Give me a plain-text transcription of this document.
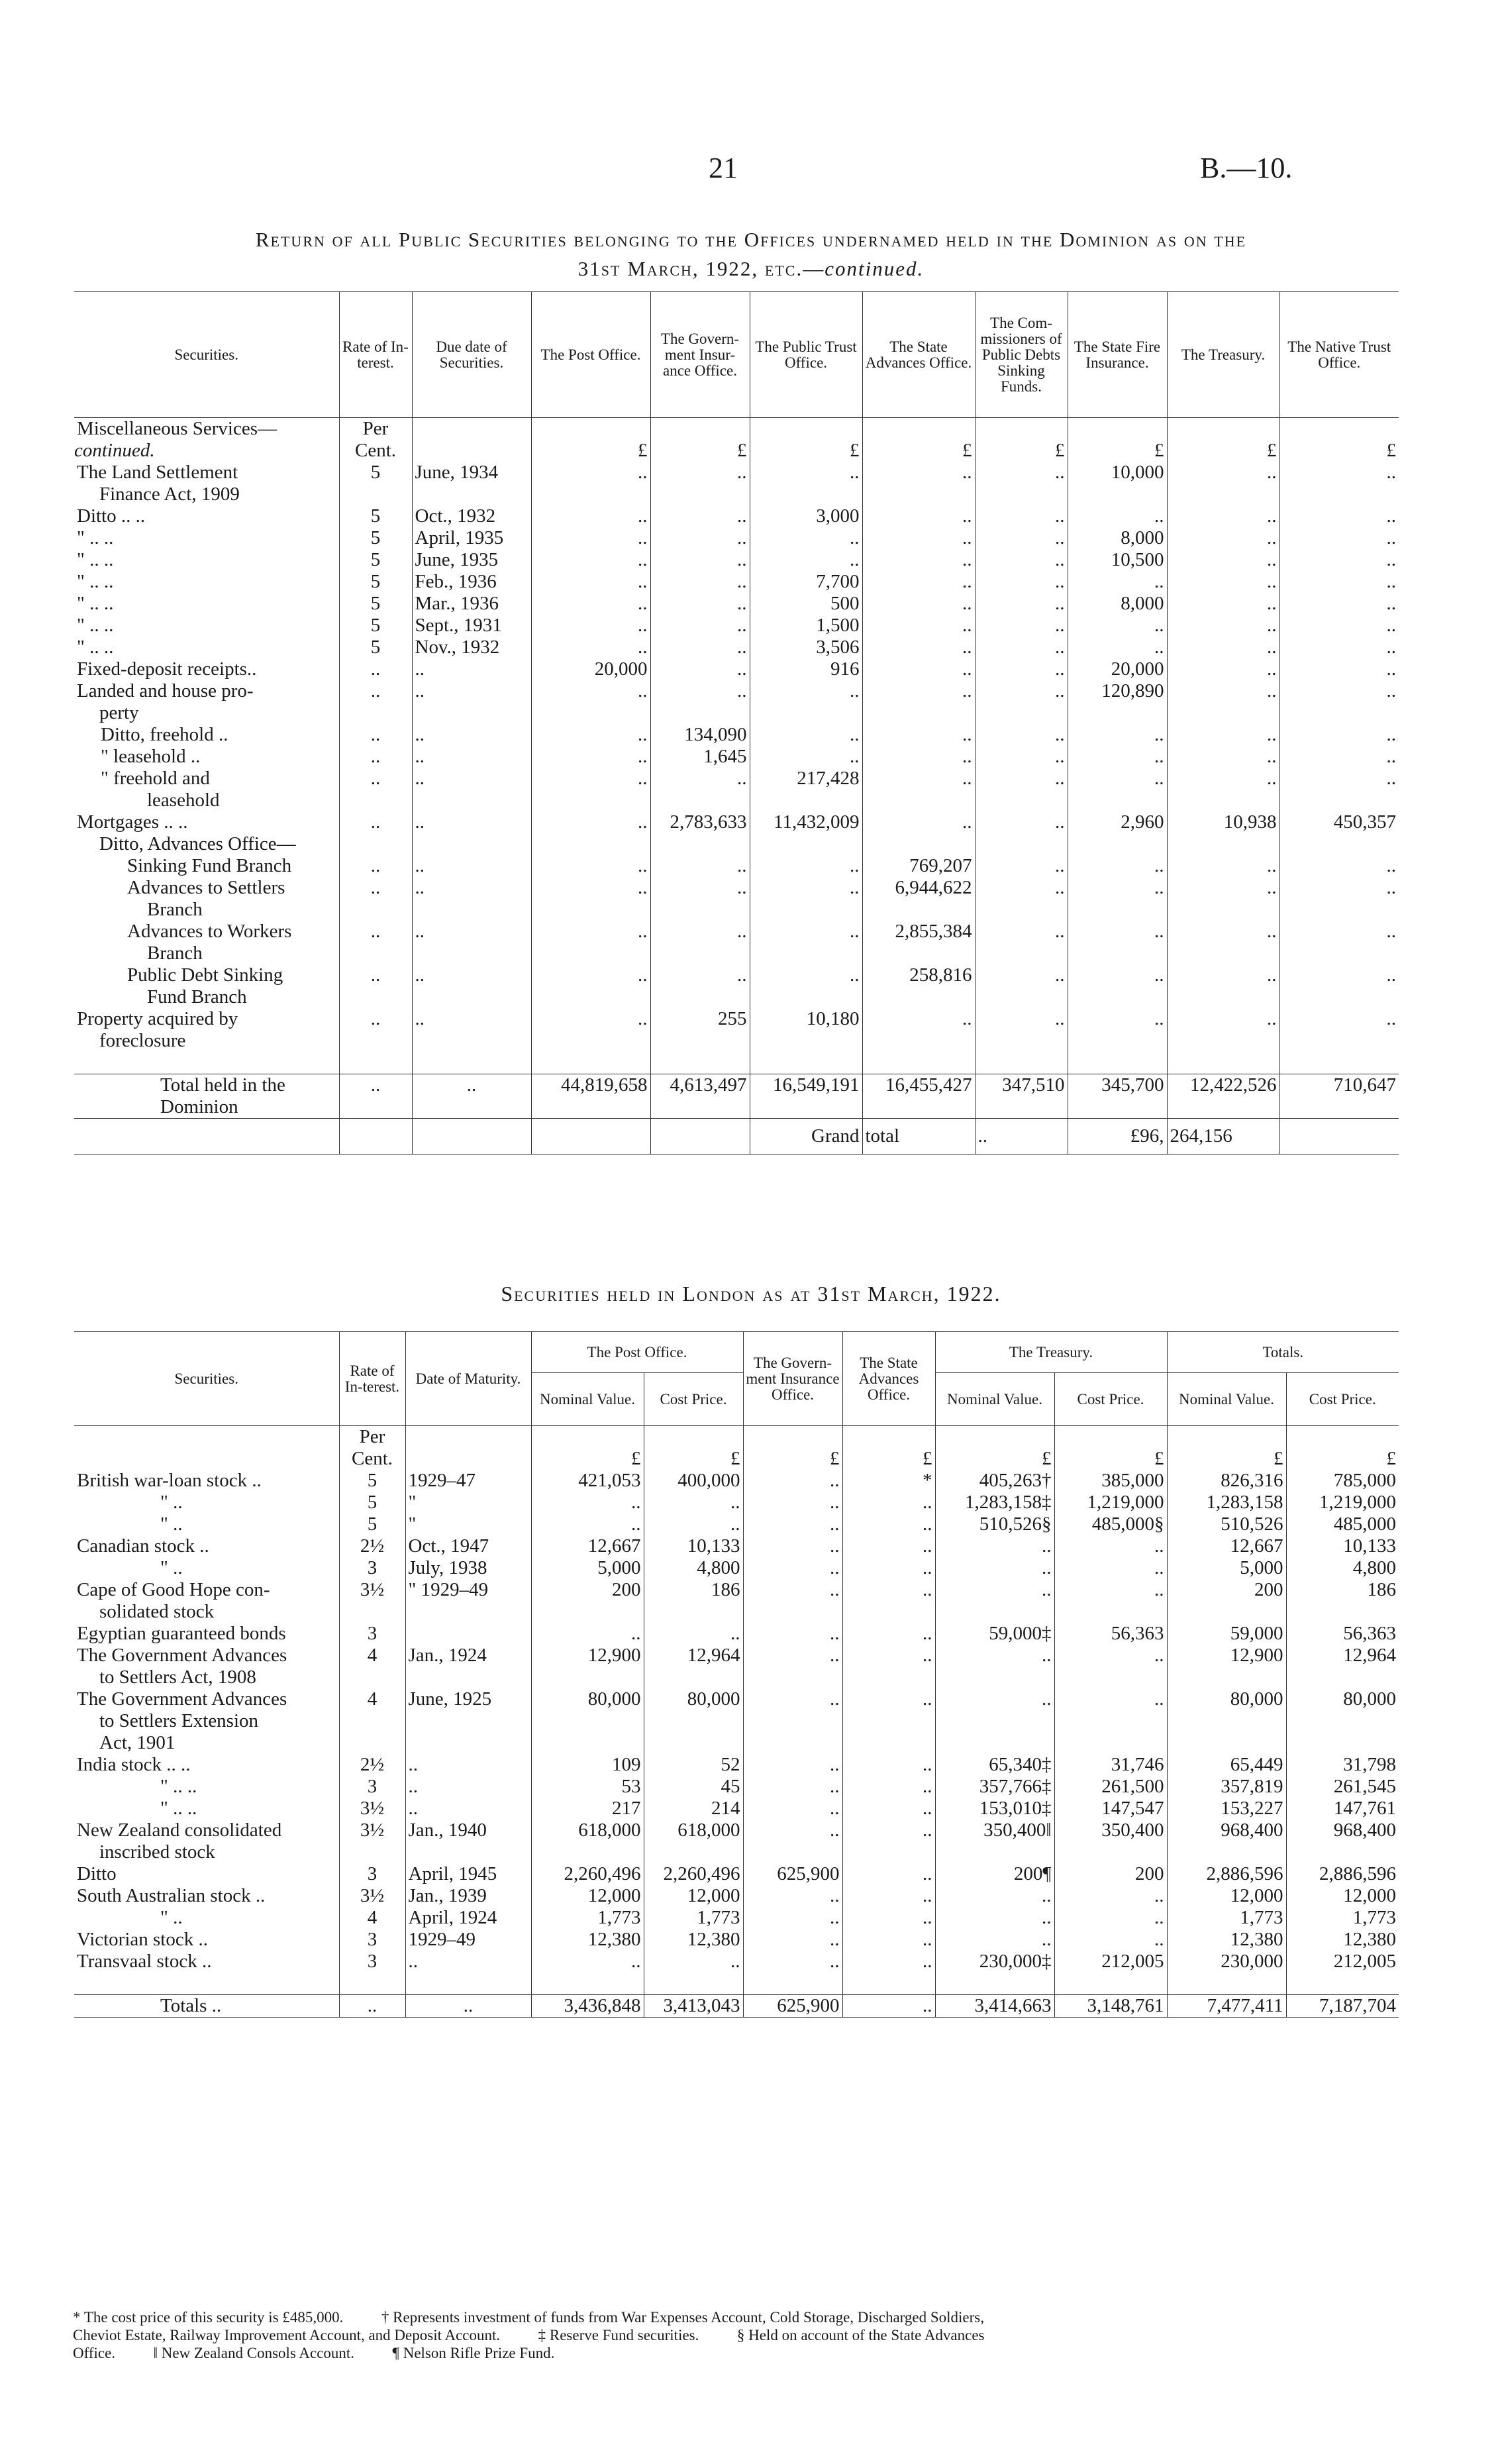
21	B.—10.
Return of all Public Securities belonging to the Offices undernamed held in the Dominion as on the
31st March, 1922, etc.—continued.
Securities.	Rate of In-terest.	Due date of Securities.	The Post Office.	The Govern-ment Insur-ance Office.	The Public Trust Office.	The State Advances Office.	The Com-missioners of Public Debts Sinking Funds.	The State Fire Insurance.	The Treasury.	The Native Trust Office.
Miscellaneous Services—	Per									
continued.	Cent.		£	£	£	£	£	£	£	£
The Land Settlement	5	June, 1934	..	..	..	..	..	10,000	..	..
Finance Act, 1909										
Ditto .. ..	5	Oct., 1932	..	..	3,000	..	..	..	..	..
" .. ..	5	April, 1935	..	..	..	..	..	8,000	..	..
" .. ..	5	June, 1935	..	..	..	..	..	10,500	..	..
" .. ..	5	Feb., 1936	..	..	7,700	..	..	..	..	..
" .. ..	5	Mar., 1936	..	..	500	..	..	8,000	..	..
" .. ..	5	Sept., 1931	..	..	1,500	..	..	..	..	..
" .. ..	5	Nov., 1932	..	..	3,506	..	..	..	..	..
Fixed-deposit receipts..	..	..	20,000	..	916	..	..	20,000	..	..
Landed and house pro-	..	..	..	..	..	..	..	120,890	..	..
perty										
Ditto, freehold ..	..	..	..	134,090	..	..	..	..	..	..
" leasehold ..	..	..	..	1,645	..	..	..	..	..	..
" freehold and	..	..	..	..	217,428	..	..	..	..	..
leasehold										
Mortgages .. ..	..	..	..	2,783,633	11,432,009	..	..	2,960	10,938	450,357
Ditto, Advances Office—										
Sinking Fund Branch	..	..	..	..	..	769,207	..	..	..	..
Advances to Settlers	..	..	..	..	..	6,944,622	..	..	..	..
Branch										
Advances to Workers	..	..	..	..	..	2,855,384	..	..	..	..
Branch										
Public Debt Sinking	..	..	..	..	..	258,816	..	..	..	..
Fund Branch										
Property acquired by	..	..	..	255	10,180	..	..	..	..	..
foreclosure										

Total held in the Dominion	..	..	44,819,658	4,613,497	16,549,191	16,455,427	347,510	345,700	12,422,526	710,647
					Grand	total	..	£96,	264,156	
Securities held in London as at 31st March, 1922.
Securities.	Rate of In-terest.	Date of Maturity.	The Post Office.		The Govern-ment Insurance Office.	The State Advances Office.	The Treasury.		Totals.	
			Nominal Value.	Cost Price.			Nominal Value.	Cost Price.	Nominal Value.	Cost Price.
	Per									
	Cent.		£	£	£	£	£	£	£	£
British war-loan stock ..	5	1929–47	421,053	400,000	..	*	405,263†	385,000	826,316	785,000
" ..	5	"	..	..	..	..	1,283,158‡	1,219,000	1,283,158	1,219,000
" ..	5	"	..	..	..	..	510,526§	485,000§	510,526	485,000
Canadian stock ..	2½	Oct., 1947	12,667	10,133	..	..	..	..	12,667	10,133
" ..	3	July, 1938	5,000	4,800	..	..	..	..	5,000	4,800
Cape of Good Hope con-	3½	" 1929–49	200	186	..	..	..	..	200	186
solidated stock										
Egyptian guaranteed bonds	3		..	..	..	..	59,000‡	56,363	59,000	56,363
The Government Advances	4	Jan., 1924	12,900	12,964	..	..	..	..	12,900	12,964
to Settlers Act, 1908										
The Government Advances	4	June, 1925	80,000	80,000	..	..	..	..	80,000	80,000
to Settlers Extension										
Act, 1901										
India stock .. ..	2½	..	109	52	..	..	65,340‡	31,746	65,449	31,798
" .. ..	3	..	53	45	..	..	357,766‡	261,500	357,819	261,545
" .. ..	3½	..	217	214	..	..	153,010‡	147,547	153,227	147,761
New Zealand consolidated	3½	Jan., 1940	618,000	618,000	..	..	350,400‖	350,400	968,400	968,400
inscribed stock										
Ditto	3	April, 1945	2,260,496	2,260,496	625,900	..	200¶	200	2,886,596	2,886,596
South Australian stock ..	3½	Jan., 1939	12,000	12,000	..	..	..	..	12,000	12,000
" ..	4	April, 1924	1,773	1,773	..	..	..	..	1,773	1,773
Victorian stock ..	3	1929–49	12,380	12,380	..	..	..	..	12,380	12,380
Transvaal stock ..	3	..	..	..	..	..	230,000‡	212,005	230,000	212,005

Totals ..	..	..	3,436,848	3,413,043	625,900	..	3,414,663	3,148,761	7,477,411	7,187,704
* The cost price of this security is £485,000.          † Represents investment of funds from War Expenses Account, Cold Storage, Discharged Soldiers,
Cheviot Estate, Railway Improvement Account, and Deposit Account.          ‡ Reserve Fund securities.          § Held on account of the State Advances
Office.          ‖ New Zealand Consols Account.          ¶ Nelson Rifle Prize Fund.
